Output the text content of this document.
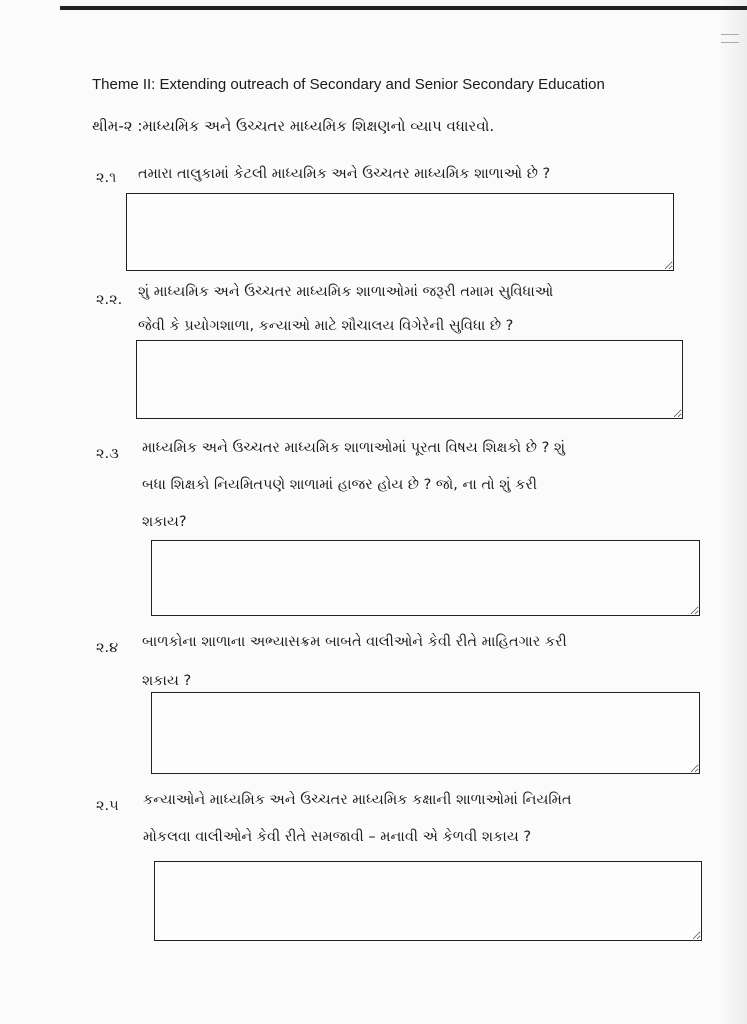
Theme II: Extending outreach of Secondary and Senior Secondary Education
થીમ-૨ :માધ્યમિક અને ઉચ્ચતર માધ્યમિક શિક્ષણનો વ્યાપ વધારવો.
૨.૧ તમારા તાલુકામાં કેટલી માધ્યમિક અને ઉચ્ચતર માધ્યમિક શાળાઓ છે ?
૨.૨. શું માધ્યમિક અને ઉચ્ચતર માધ્યમિક શાળાઓમાં જરૂરી તમામ સુવિધાઓ
જેવી કે પ્રયોગશાળા, કન્યાઓ માટે શૌચાલય વિગેરેની સુવિધા છે ?
૨.૩ માધ્યમિક અને ઉચ્ચતર માધ્યમિક શાળાઓમાં પૂરતા વિષય શિક્ષકો છે ? શું
બધા શિક્ષકો નિયમિતપણે શાળામાં હાજર હોય છે ? જો, ના તો શું કરી
શકાય?
૨.૪ બાળકોના શાળાના અભ્યાસક્રમ બાબતે વાલીઓને કેવી રીતે માહિતગાર કરી
શકાય ?
૨.૫ કન્યાઓને માધ્યમિક અને ઉચ્ચતર માધ્યમિક કક્ષાની શાળાઓમાં નિયમિત
મોકલવા વાલીઓને કેવી રીતે સમજાવી – મનાવી એ કેળવી શકાય ?
